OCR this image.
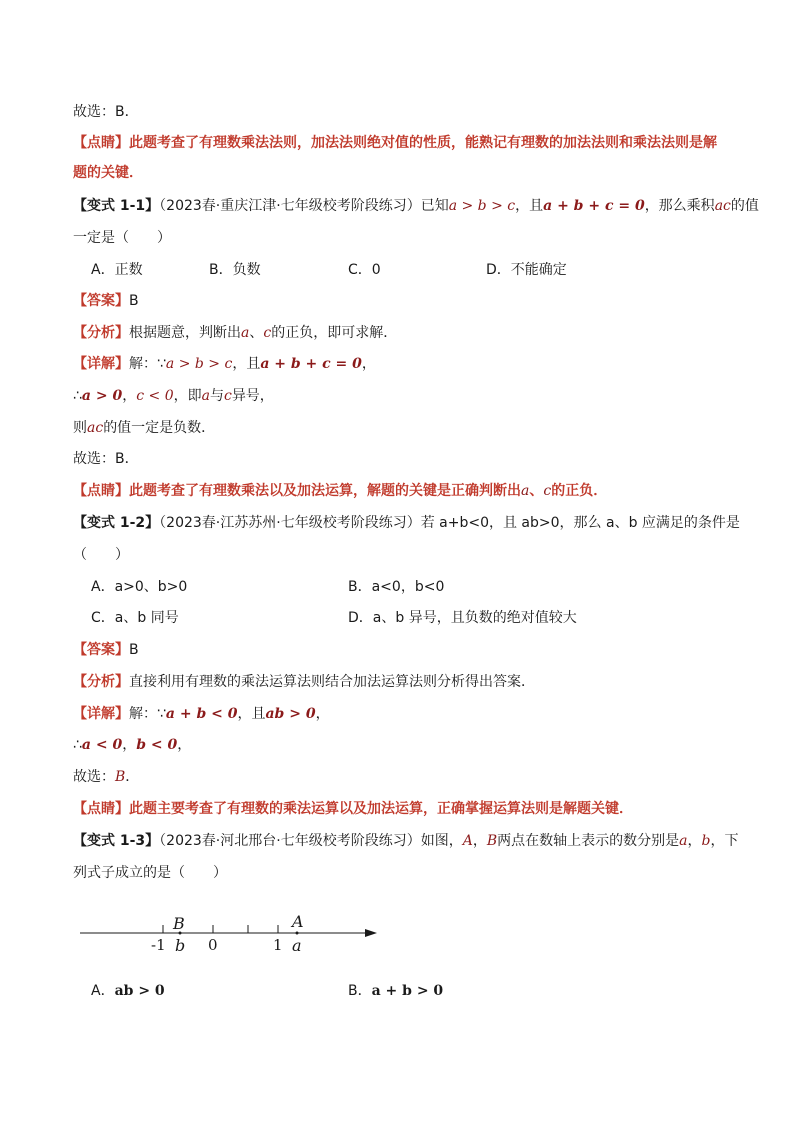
故选：B．
【点睛】此题考查了有理数乘法法则，加法法则绝对值的性质，能熟记有理数的加法法则和乘法法则是解
题的关键．
【变式 1-1】（2023春·重庆江津·七年级校考阶段练习）已知a > b > c，且a + b + c = 0，那么乘积ac的值
一定是（　　）
A．正数	B．负数	C．0	D．不能确定
【答案】B
【分析】根据题意，判断出a、c的正负，即可求解．
【详解】解：∵a > b > c，且a + b + c = 0，
∴a > 0，c < 0，即a与c异号，
则ac的值一定是负数．
故选：B．
【点睛】此题考查了有理数乘法以及加法运算，解题的关键是正确判断出a、c的正负．
【变式 1-2】（2023春·江苏苏州·七年级校考阶段练习）若 a+b<0，且 ab>0，那么 a、b 应满足的条件是
（　　）
A．a>0、b>0	B．a<0，b<0
C．a、b 同号	D．a、b 异号，且负数的绝对值较大
【答案】B
【分析】直接利用有理数的乘法运算法则结合加法运算法则分析得出答案．
【详解】解：∵a + b < 0，且ab > 0，
∴a < 0，b < 0，
故选：B．
【点睛】此题主要考查了有理数的乘法运算以及加法运算，正确掌握运算法则是解题关键．
【变式 1-3】（2023春·河北邢台·七年级校考阶段练习）如图，A，B两点在数轴上表示的数分别是a，b，下
列式子成立的是（　　）
B	A
-1 b 0	1 a
A．ab > 0	B．a + b > 0
